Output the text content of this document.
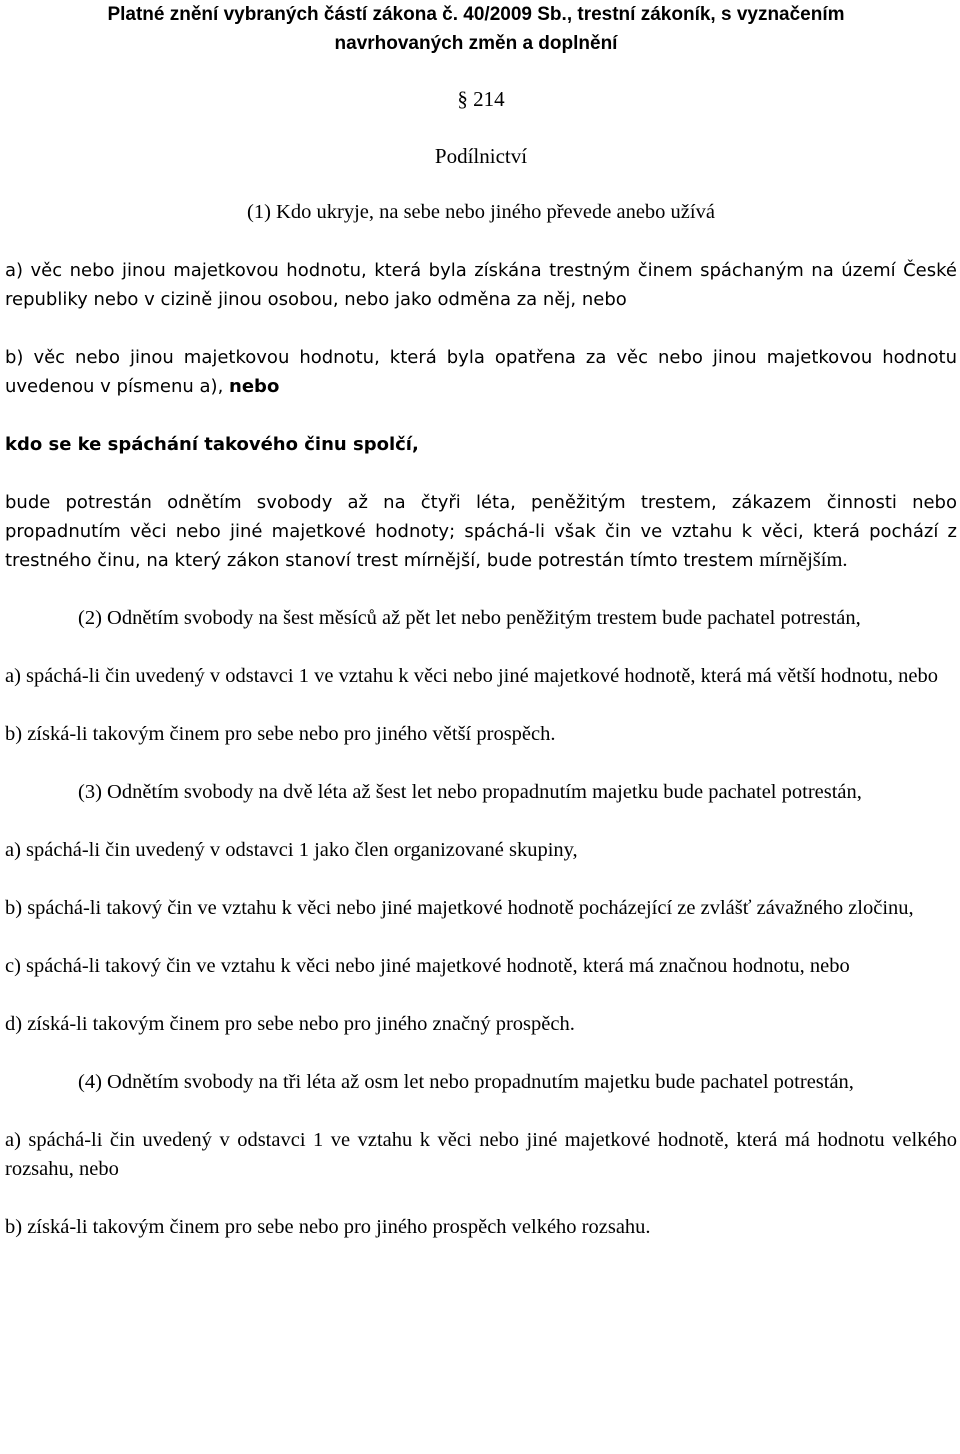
Platné znění vybraných částí zákona č. 40/2009 Sb., trestní zákoník, s vyznačením
navrhovaných změn a doplnění

§ 214

Podílnictví

(1) Kdo ukryje, na sebe nebo jiného převede anebo užívá

a) věc nebo jinou majetkovou hodnotu, která byla získána trestným činem spáchaným na území České republiky nebo v cizině jinou osobou, nebo jako odměna za něj, nebo

b) věc nebo jinou majetkovou hodnotu, která byla opatřena za věc nebo jinou majetkovou hodnotu uvedenou v písmenu a), nebo

kdo se ke spáchání takového činu spolčí,

bude potrestán odnětím svobody až na čtyři léta, peněžitým trestem, zákazem činnosti nebo propadnutím věci nebo jiné majetkové hodnoty; spáchá-li však čin ve vztahu k věci, která pochází z trestného činu, na který zákon stanoví trest mírnější, bude potrestán tímto trestem mírnějším.

(2) Odnětím svobody na šest měsíců až pět let nebo peněžitým trestem bude pachatel potrestán,

a) spáchá-li čin uvedený v odstavci 1 ve vztahu k věci nebo jiné majetkové hodnotě, která má větší hodnotu, nebo

b) získá-li takovým činem pro sebe nebo pro jiného větší prospěch.

(3) Odnětím svobody na dvě léta až šest let nebo propadnutím majetku bude pachatel potrestán,

a) spáchá-li čin uvedený v odstavci 1 jako člen organizované skupiny,

b) spáchá-li takový čin ve vztahu k věci nebo jiné majetkové hodnotě pocházející ze zvlášť závažného zločinu,

c) spáchá-li takový čin ve vztahu k věci nebo jiné majetkové hodnotě, která má značnou hodnotu, nebo

d) získá-li takovým činem pro sebe nebo pro jiného značný prospěch.

(4) Odnětím svobody na tři léta až osm let nebo propadnutím majetku bude pachatel potrestán,

a) spáchá-li čin uvedený v odstavci 1 ve vztahu k věci nebo jiné majetkové hodnotě, která má hodnotu velkého rozsahu, nebo

b) získá-li takovým činem pro sebe nebo pro jiného prospěch velkého rozsahu.
